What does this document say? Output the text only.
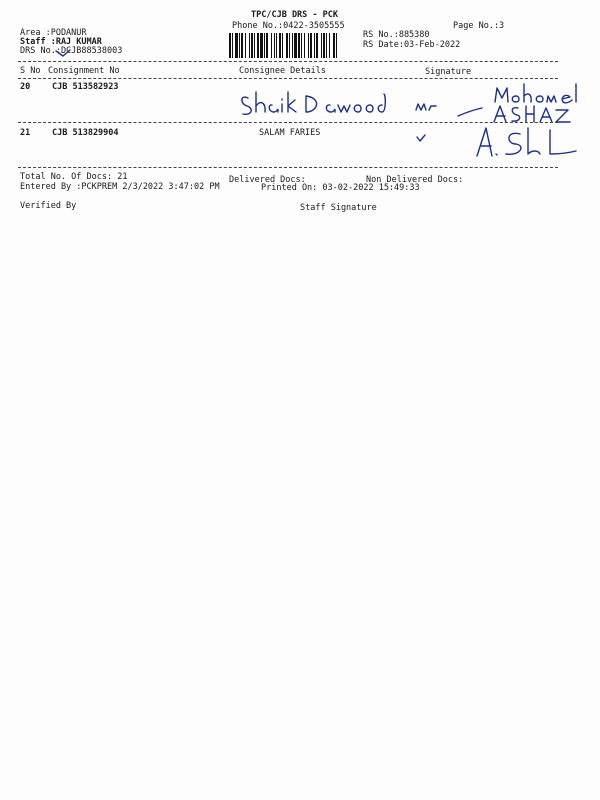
TPC/CJB DRS - PCK
Phone No.:0422-3505555	Page No.:3
Area :PODANUR
Staff :RAJ KUMAR
DRS No.:DCJB88538003
RS No.:885380
RS Date:03-Feb-2022
S No Consignment No	Consignee Details	Signature
20	CJB 513582923
21	CJB 513829904	SALAM FARIES
Total No. Of Docs: 21	Delivered Docs:	Non Delivered Docs:
Entered By :PCKPREM 2/3/2022 3:47:02 PM	Printed On: 03-02-2022 15:49:33
Verified By	Staff Signature
